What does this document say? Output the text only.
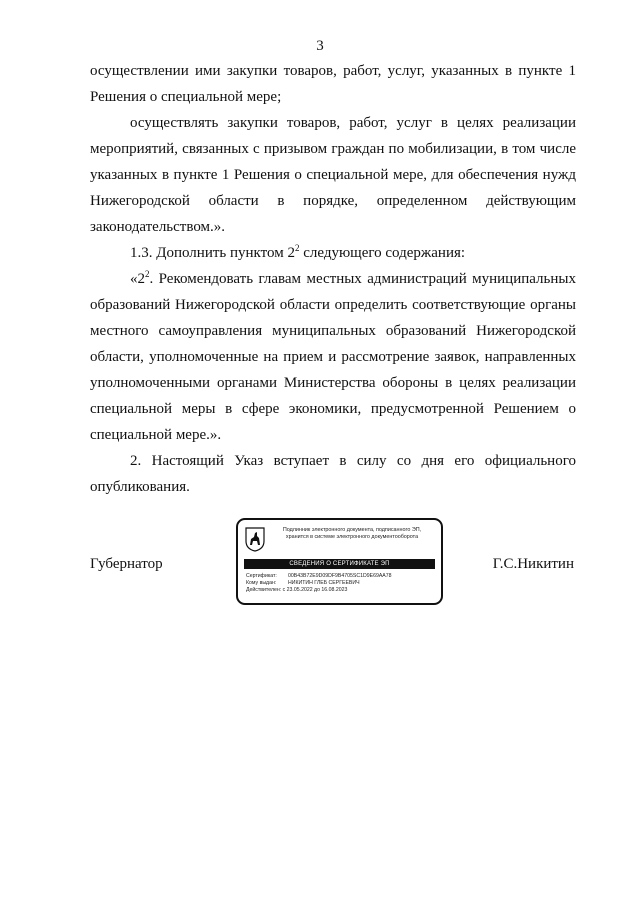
3

осуществлении ими закупки товаров, работ, услуг, указанных в пункте 1 Решения о специальной мере;

осуществлять закупки товаров, работ, услуг в целях реализации мероприятий, связанных с призывом граждан по мобилизации, в том числе указанных в пункте 1 Решения о специальной мере, для обеспечения нужд Нижегородской области в порядке, определенном действующим законодательством.».

1.3. Дополнить пунктом $2^2$ следующего содержания:

«$2^2$. Рекомендовать главам местных администраций муниципальных образований Нижегородской области определить соответствующие органы местного самоуправления муниципальных образований Нижегородской области, уполномоченные на прием и рассмотрение заявок, направленных уполномоченными органами Министерства обороны в целях реализации специальной меры в сфере экономики, предусмотренной Решением о специальной мере.».

2. Настоящий Указ вступает в силу со дня его официального опубликования.

Губернатор
Подлинник электронного документа, подписанного ЭП,
хранится в системе электронного документооборота
СВЕДЕНИЯ О СЕРТИФИКАТЕ ЭП
Сертификат: 00B43B72E9D09DF9B4705SC1D9E69AA78
Кому выдан: НИКИТИН ГЛЕБ СЕРГЕЕВИЧ
Действителен: с 23.05.2022 до 16.08.2023
Г.С.Никитин
